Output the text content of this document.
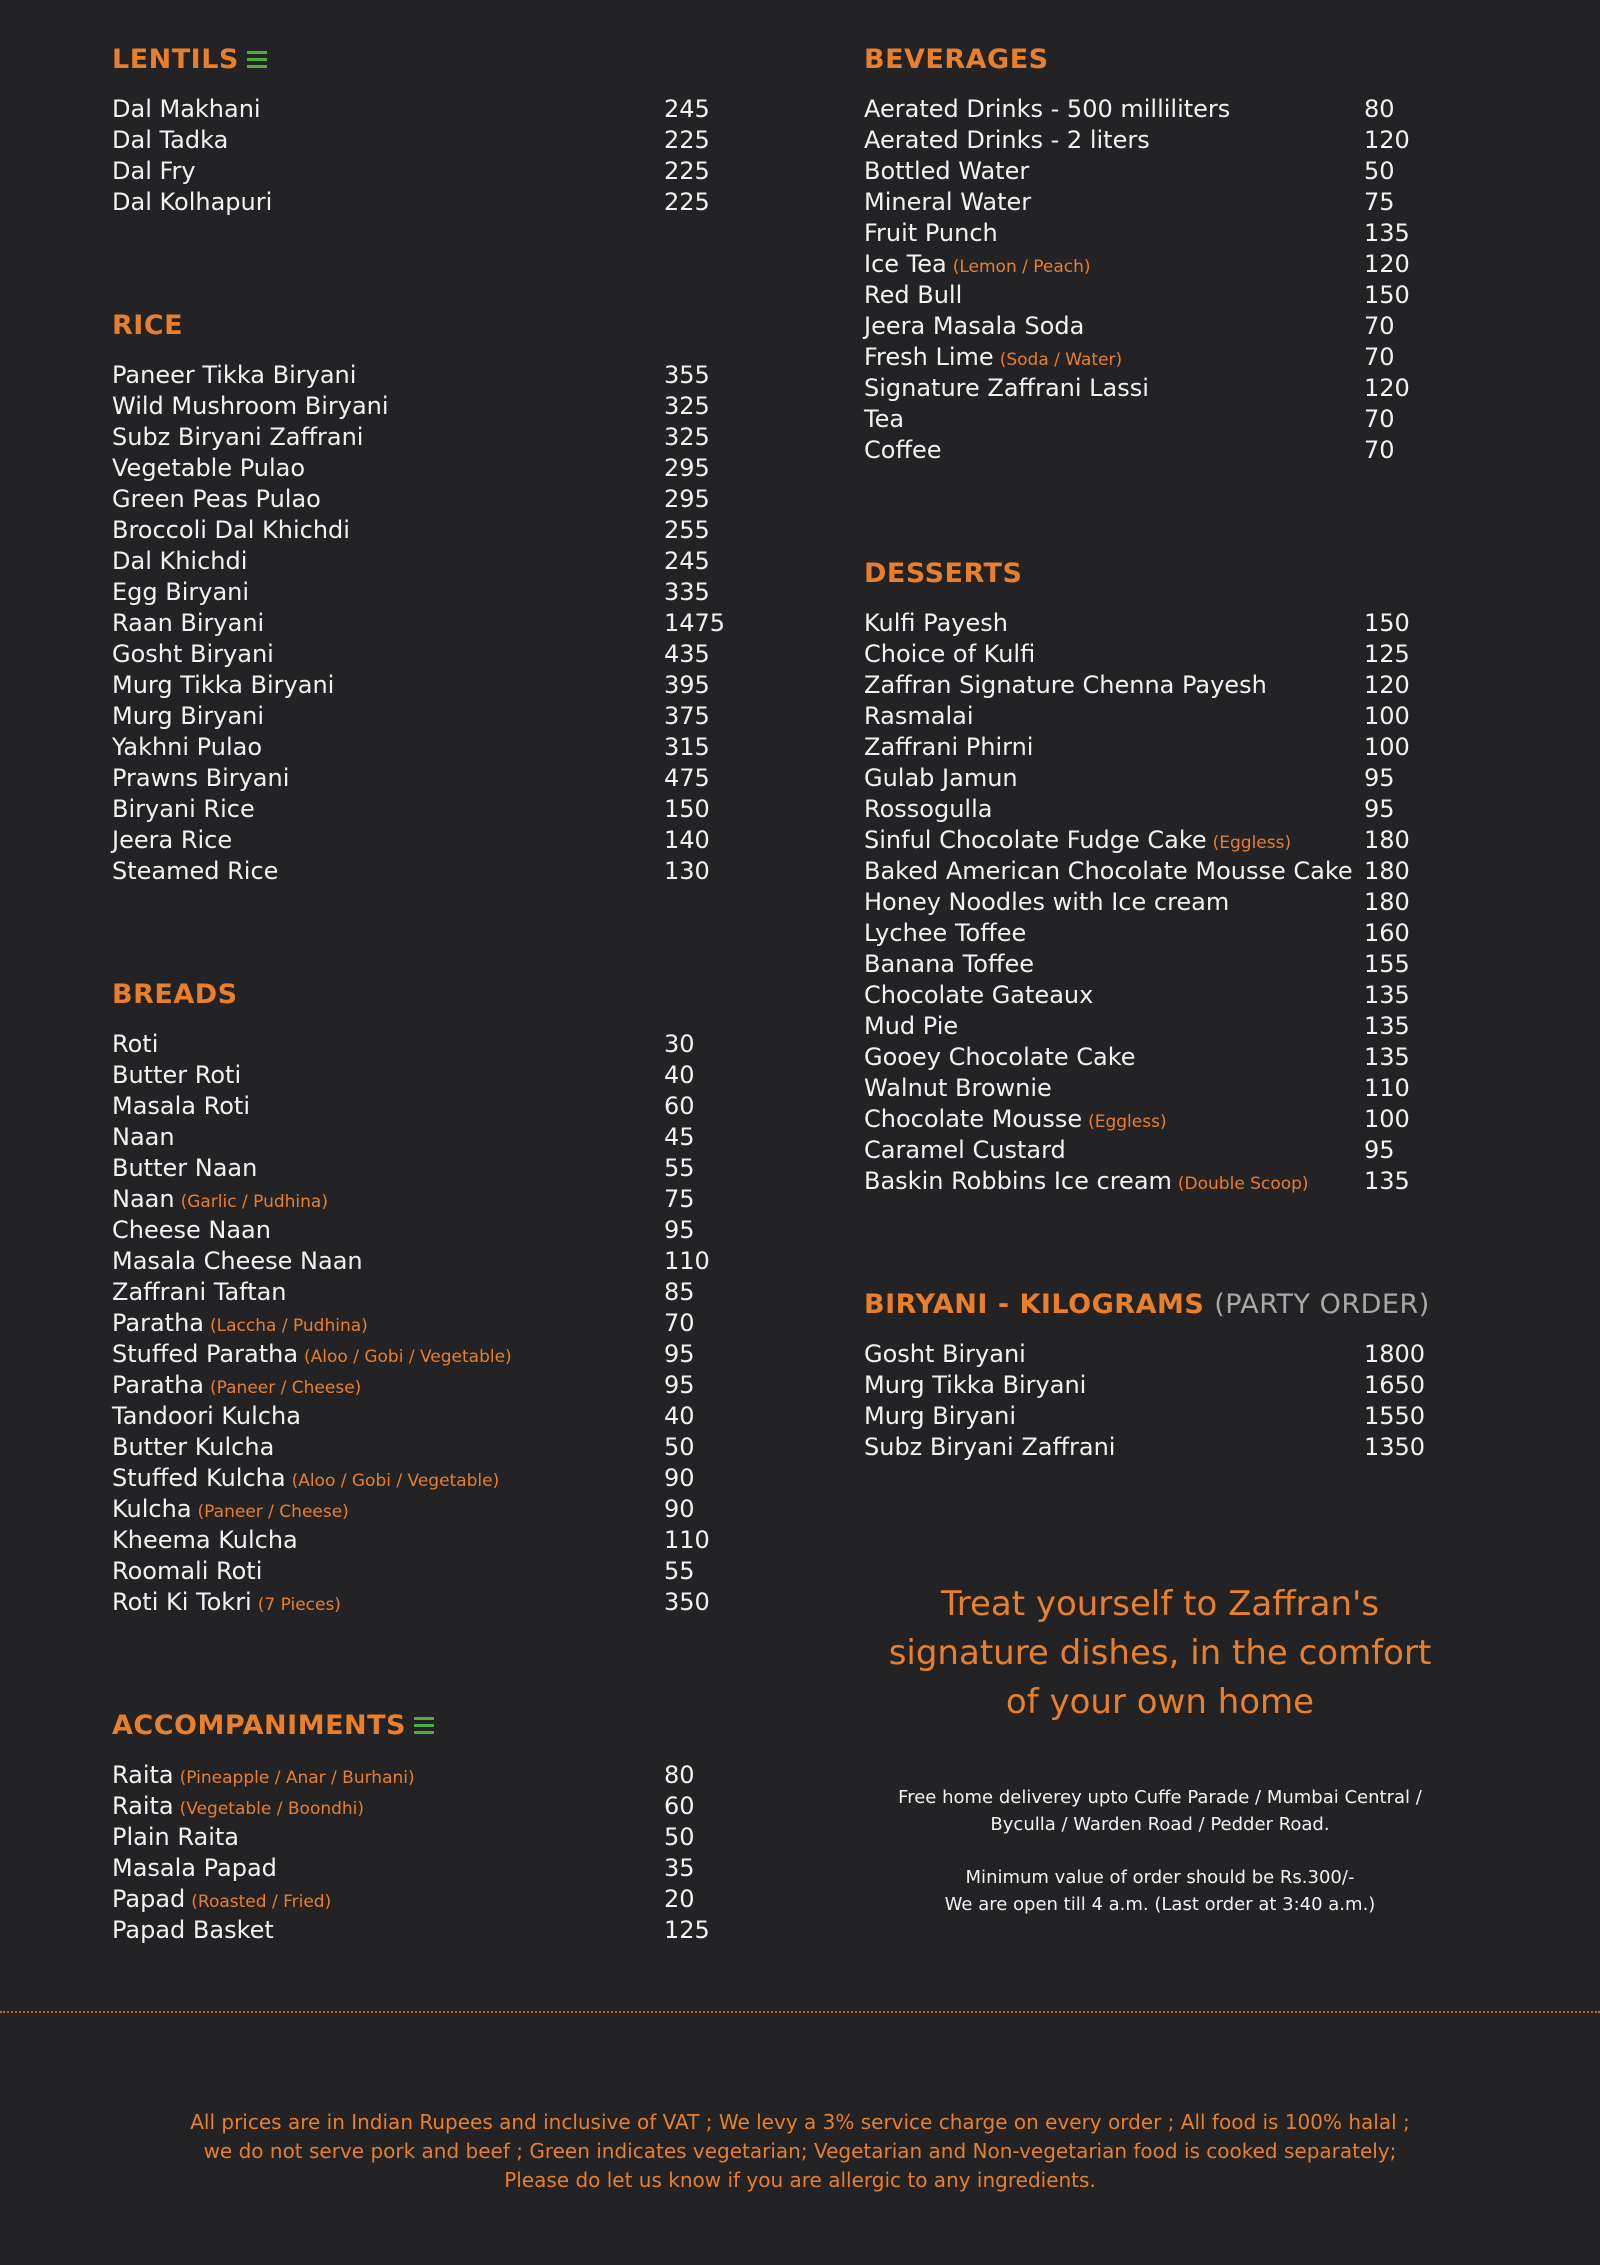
LENTILS
Dal Makhani	245
Dal Tadka	225
Dal Fry	225
Dal Kolhapuri	225
RICE
Paneer Tikka Biryani	355
Wild Mushroom Biryani	325
Subz Biryani Zaffrani	325
Vegetable Pulao	295
Green Peas Pulao	295
Broccoli Dal Khichdi	255
Dal Khichdi	245
Egg Biryani	335
Raan Biryani	1475
Gosht Biryani	435
Murg Tikka Biryani	395
Murg Biryani	375
Yakhni Pulao	315
Prawns Biryani	475
Biryani Rice	150
Jeera Rice	140
Steamed Rice	130
BREADS
Roti	30
Butter Roti	40
Masala Roti	60
Naan	45
Butter Naan	55
Naan (Garlic / Pudhina)	75
Cheese Naan	95
Masala Cheese Naan	110
Zaffrani Taftan	85
Paratha (Laccha / Pudhina)	70
Stuffed Paratha (Aloo / Gobi / Vegetable)	95
Paratha (Paneer / Cheese)	95
Tandoori Kulcha	40
Butter Kulcha	50
Stuffed Kulcha (Aloo / Gobi / Vegetable)	90
Kulcha (Paneer / Cheese)	90
Kheema Kulcha	110
Roomali Roti	55
Roti Ki Tokri (7 Pieces)	350
ACCOMPANIMENTS
Raita (Pineapple / Anar / Burhani)	80
Raita (Vegetable / Boondhi)	60
Plain Raita	50
Masala Papad	35
Papad (Roasted / Fried)	20
Papad Basket	125
BEVERAGES
Aerated Drinks - 500 milliliters	80
Aerated Drinks - 2 liters	120
Bottled Water	50
Mineral Water	75
Fruit Punch	135
Ice Tea (Lemon / Peach)	120
Red Bull	150
Jeera Masala Soda	70
Fresh Lime (Soda / Water)	70
Signature Zaffrani Lassi	120
Tea	70
Coffee	70
DESSERTS
Kulfi Payesh	150
Choice of Kulfi	125
Zaffran Signature Chenna Payesh	120
Rasmalai	100
Zaffrani Phirni	100
Gulab Jamun	95
Rossogulla	95
Sinful Chocolate Fudge Cake (Eggless)	180
Baked American Chocolate Mousse Cake 180
Honey Noodles with Ice cream	180
Lychee Toffee	160
Banana Toffee	155
Chocolate Gateaux	135
Mud Pie	135
Gooey Chocolate Cake	135
Walnut Brownie	110
Chocolate Mousse (Eggless)	100
Caramel Custard	95
Baskin Robbins Ice cream (Double Scoop) 135
BIRYANI - KILOGRAMS (PARTY ORDER)
Gosht Biryani	1800
Murg Tikka Biryani	1650
Murg Biryani	1550
Subz Biryani Zaffrani	1350
Treat yourself to Zaffran's
signature dishes, in the comfort
of your own home
Free home deliverey upto Cuffe Parade / Mumbai Central /
Byculla / Warden Road / Pedder Road.
Minimum value of order should be Rs.300/-
We are open till 4 a.m. (Last order at 3:40 a.m.)
All prices are in Indian Rupees and inclusive of VAT ; We levy a 3% service charge on every order ; All food is 100% halal ;
we do not serve pork and beef ; Green indicates vegetarian; Vegetarian and Non-vegetarian food is cooked separately;
Please do let us know if you are allergic to any ingredients.
